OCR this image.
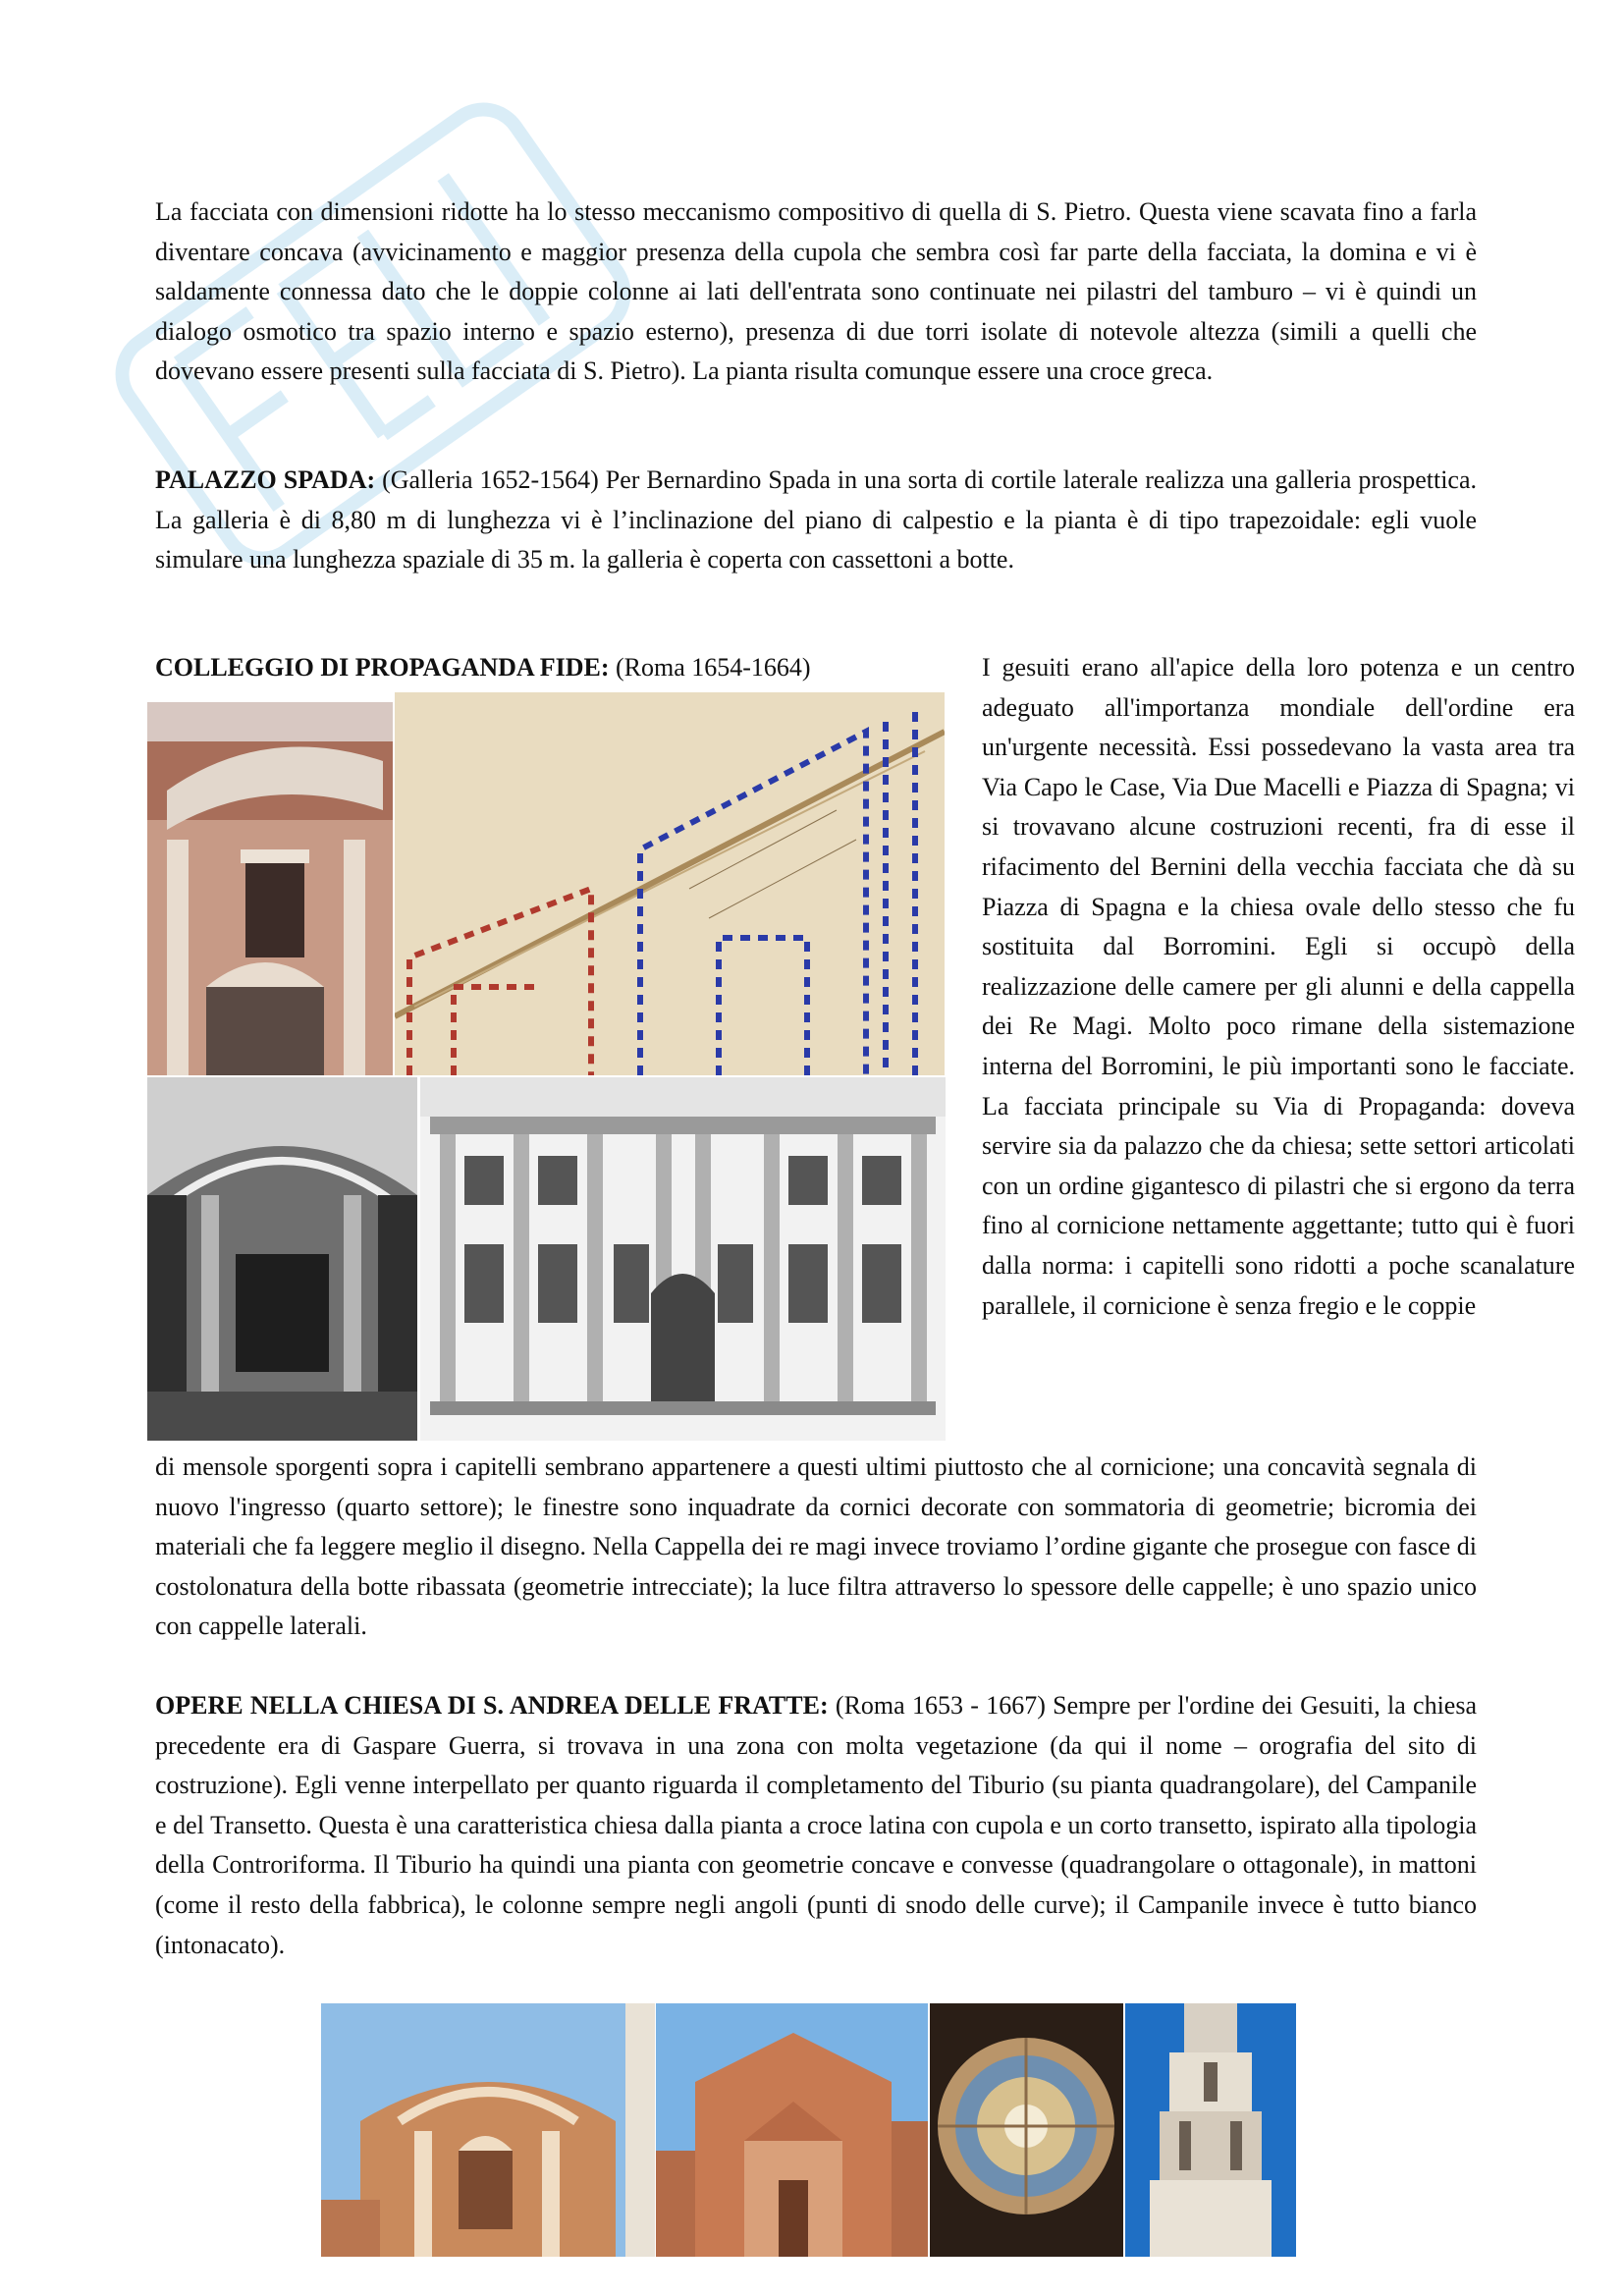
La facciata con dimensioni ridotte ha lo stesso meccanismo compositivo di quella di S. Pietro. Questa viene scavata fino a farla diventare concava (avvicinamento e maggior presenza della cupola che sembra così far parte della facciata, la domina e vi è saldamente connessa dato che le doppie colonne ai lati dell'entrata sono continuate nei pilastri del tamburo – vi è quindi un dialogo osmotico tra spazio interno e spazio esterno), presenza di due torri isolate di notevole altezza (simili a quelli che dovevano essere presenti sulla facciata di S. Pietro). La pianta risulta comunque essere una croce greca.

PALAZZO SPADA: (Galleria 1652-1564) Per Bernardino Spada in una sorta di cortile laterale realizza una galleria prospettica. La galleria è di 8,80 m di lunghezza vi è l’inclinazione del piano di calpestio e la pianta è di tipo trapezoidale: egli vuole simulare una lunghezza spaziale di 35 m. la galleria è coperta con cassettoni a botte.

COLLEGGIO DI PROPAGANDA FIDE: (Roma 1654-1664)	I gesuiti erano all'apice della loro potenza e un centro adeguato all'importanza mondiale dell'ordine era un'urgente necessità. Essi possedevano la vasta area tra Via Capo le Case, Via Due Macelli e Piazza di Spagna; vi si trovavano alcune costruzioni recenti, fra di esse il rifacimento del Bernini della vecchia facciata che dà su Piazza di Spagna e la chiesa ovale dello stesso che fu sostituita dal Borromini. Egli si occupò della realizzazione delle camere per gli alunni e della cappella dei Re Magi. Molto poco rimane della sistemazione interna del Borromini, le più importanti sono le facciate. La facciata principale su Via di Propaganda: doveva servire sia da palazzo che da chiesa; sette settori articolati con un ordine gigantesco di pilastri che si ergono da terra fino al cornicione nettamente aggettante; tutto qui è fuori dalla norma: i capitelli sono ridotti a poche scanalature parallele, il cornicione è senza fregio e le coppie

di mensole sporgenti sopra i capitelli sembrano appartenere a questi ultimi piuttosto che al cornicione; una concavità segnala di nuovo l'ingresso (quarto settore); le finestre sono inquadrate da cornici decorate con sommatoria di geometrie; bicromia dei materiali che fa leggere meglio il disegno. Nella Cappella dei re magi invece troviamo l’ordine gigante che prosegue con fasce di costolonatura della botte ribassata (geometrie intrecciate); la luce filtra attraverso lo spessore delle cappelle; è uno spazio unico con cappelle laterali.

OPERE NELLA CHIESA DI S. ANDREA DELLE FRATTE: (Roma 1653 - 1667) Sempre per l'ordine dei Gesuiti, la chiesa precedente era di Gaspare Guerra, si trovava in una zona con molta vegetazione (da qui il nome – orografia del sito di costruzione). Egli venne interpellato per quanto riguarda il completamento del Tiburio (su pianta quadrangolare), del Campanile e del Transetto. Questa è una caratteristica chiesa dalla pianta a croce latina con cupola e un corto transetto, ispirato alla tipologia della Controriforma. Il Tiburio ha quindi una pianta con geometrie concave e convesse (quadrangolare o ottagonale), in mattoni (come il resto della fabbrica), le colonne sempre negli angoli (punti di snodo delle curve); il Campanile invece è tutto bianco (intonacato).
